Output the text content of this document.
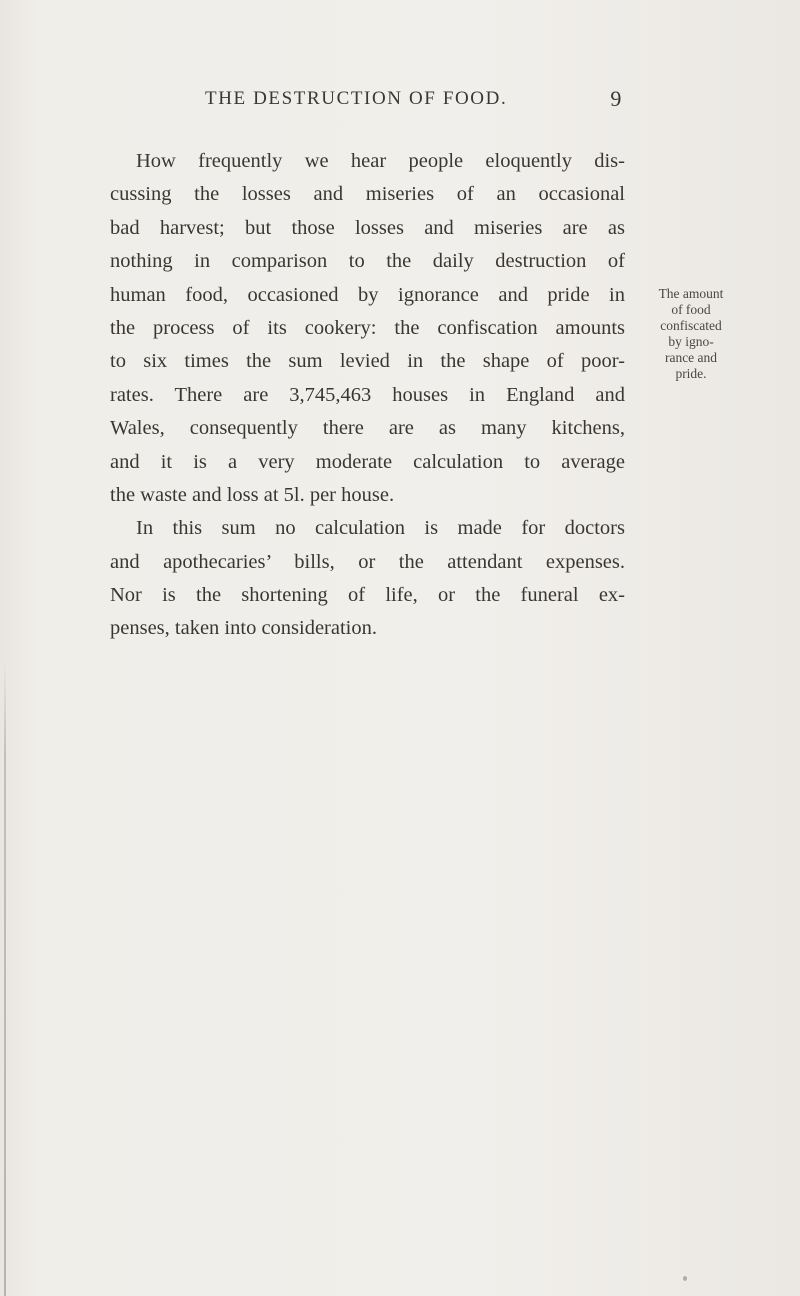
THE DESTRUCTION OF FOOD.	9
How frequently we hear people eloquently dis-
cussing the losses and miseries of an occasional
bad harvest; but those losses and miseries are as
nothing in comparison to the daily destruction of
human food, occasioned by ignorance and pride in
the process of its cookery: the confiscation amounts
to six times the sum levied in the shape of poor-
rates. There are 3,745,463 houses in England and
Wales, consequently there are as many kitchens,
and it is a very moderate calculation to average
the waste and loss at 5l. per house.
In this sum no calculation is made for doctors
and apothecaries’ bills, or the attendant expenses.
Nor is the shortening of life, or the funeral ex-
penses, taken into consideration.
The amount
of food
confiscated
by igno-
rance and
pride.
